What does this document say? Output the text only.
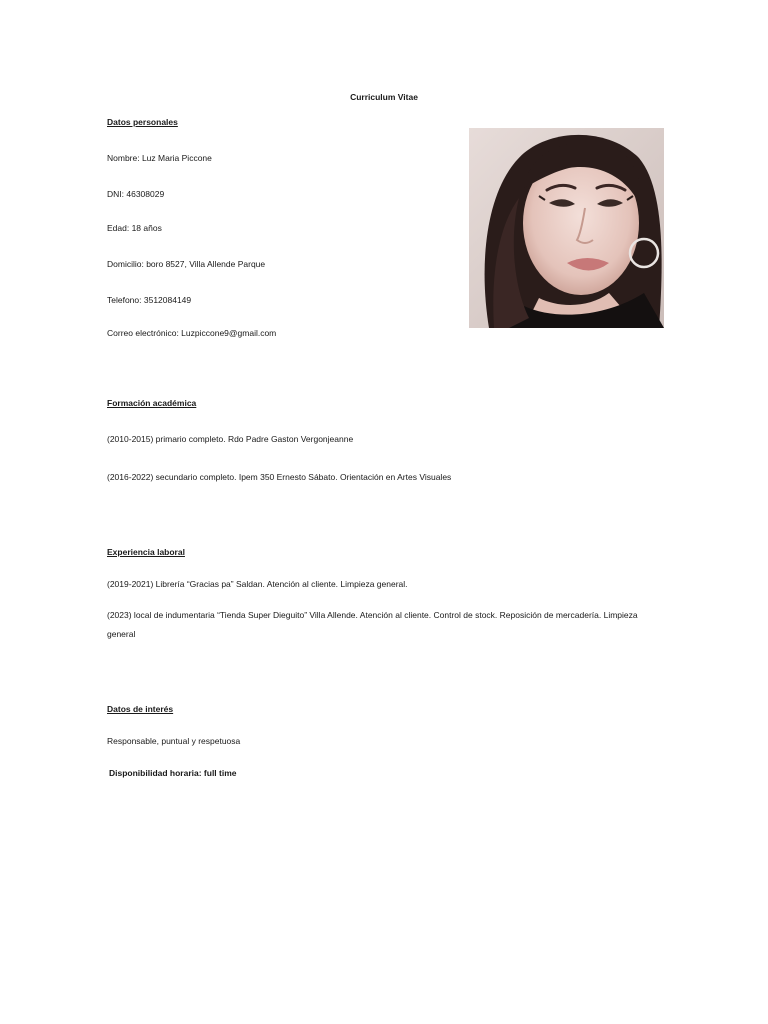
Curriculum Vitae
Datos personales
Nombre: Luz Maria Piccone
DNI: 46308029
Edad: 18 años
Domicilio: boro 8527, Villa Allende Parque
Telefono: 3512084149
Correo electrónico: Luzpiccone9@gmail.com
Formación académica
(2010-2015) primario completo. Rdo Padre Gaston Vergonjeanne
(2016-2022) secundario completo. Ipem 350 Ernesto Sábato. Orientación en Artes Visuales
Experiencia laboral
(2019-2021) Librería “Gracias pa” Saldan. Atención al cliente. Limpieza general.
(2023) local de indumentaria “Tienda Super Dieguito” Villa Allende. Atención al cliente. Control de stock. Reposición de mercadería. Limpieza general
Datos de interés
Responsable, puntual y respetuosa
Disponibilidad horaria: full time
